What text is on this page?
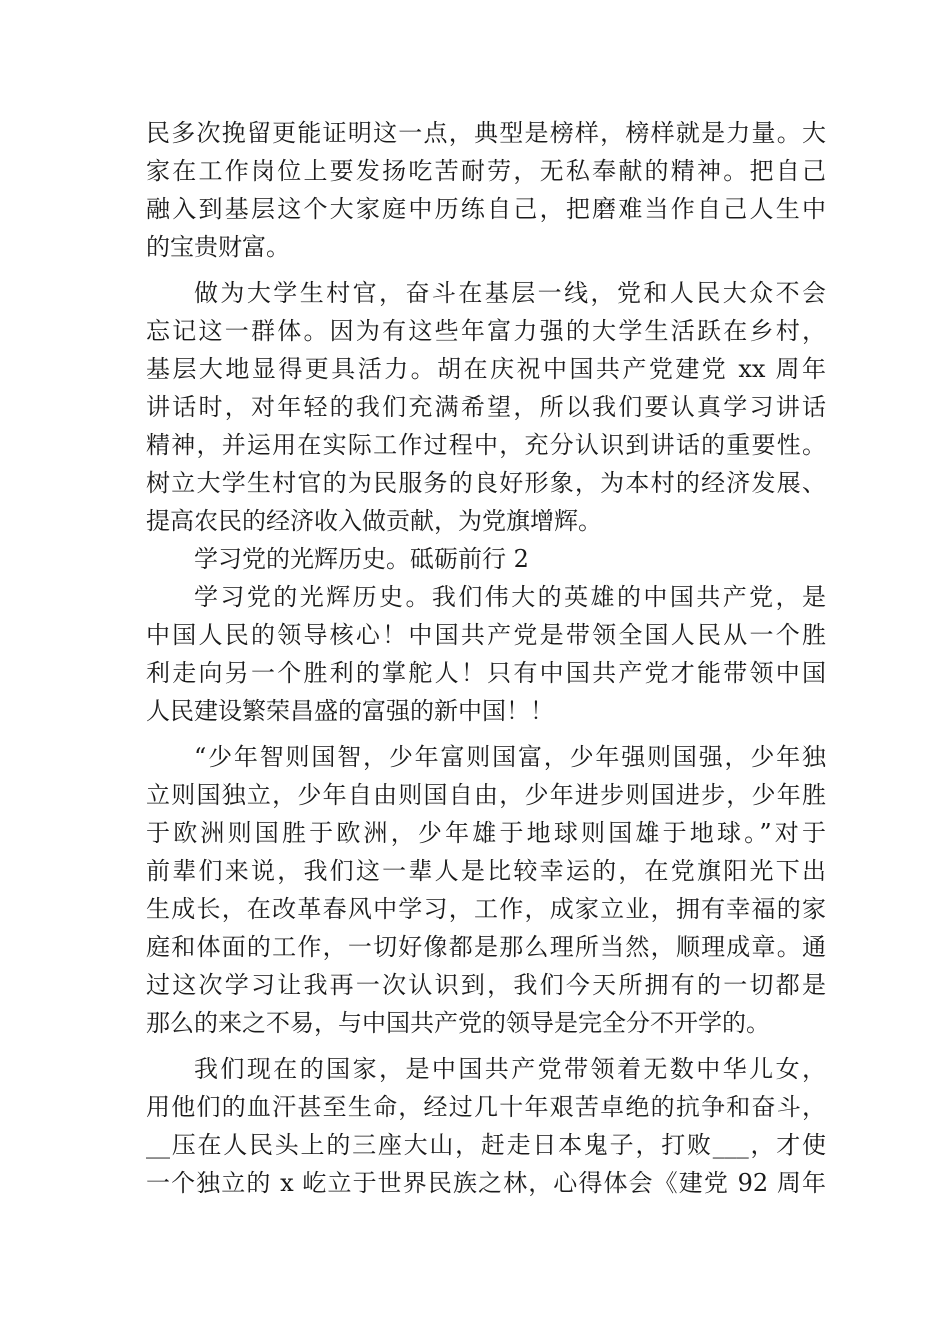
民多次挽留更能证明这一点，典型是榜样，榜样就是力量。大
家在工作岗位上要发扬吃苦耐劳，无私奉献的精神。把自己
融入到基层这个大家庭中历练自己，把磨难当作自己人生中
的宝贵财富。
做为大学生村官，奋斗在基层一线，党和人民大众不会
忘记这一群体。因为有这些年富力强的大学生活跃在乡村，
基层大地显得更具活力。胡在庆祝中国共产党建党 xx 周年
讲话时，对年轻的我们充满希望，所以我们要认真学习讲话
精神，并运用在实际工作过程中，充分认识到讲话的重要性。
树立大学生村官的为民服务的良好形象，为本村的经济发展、
提高农民的经济收入做贡献，为党旗增辉。
学习党的光辉历史。砥砺前行 2
学习党的光辉历史。我们伟大的英雄的中国共产党，是
中国人民的领导核心！中国共产党是带领全国人民从一个胜
利走向另一个胜利的掌舵人！只有中国共产党才能带领中国
人民建设繁荣昌盛的富强的新中国！！
“少年智则国智，少年富则国富，少年强则国强，少年独
立则国独立，少年自由则国自由，少年进步则国进步，少年胜
于欧洲则国胜于欧洲，少年雄于地球则国雄于地球。”对于
前辈们来说，我们这一辈人是比较幸运的，在党旗阳光下出
生成长，在改革春风中学习，工作，成家立业，拥有幸福的家
庭和体面的工作，一切好像都是那么理所当然，顺理成章。通
过这次学习让我再一次认识到，我们今天所拥有的一切都是
那么的来之不易，与中国共产党的领导是完全分不开学的。
我们现在的国家，是中国共产党带领着无数中华儿女，
用他们的血汗甚至生命，经过几十年艰苦卓绝的抗争和奋斗，
__压在人民头上的三座大山，赶走日本鬼子，打败___，才使
一个独立的 x 屹立于世界民族之林，心得体会《建党 92 周年
